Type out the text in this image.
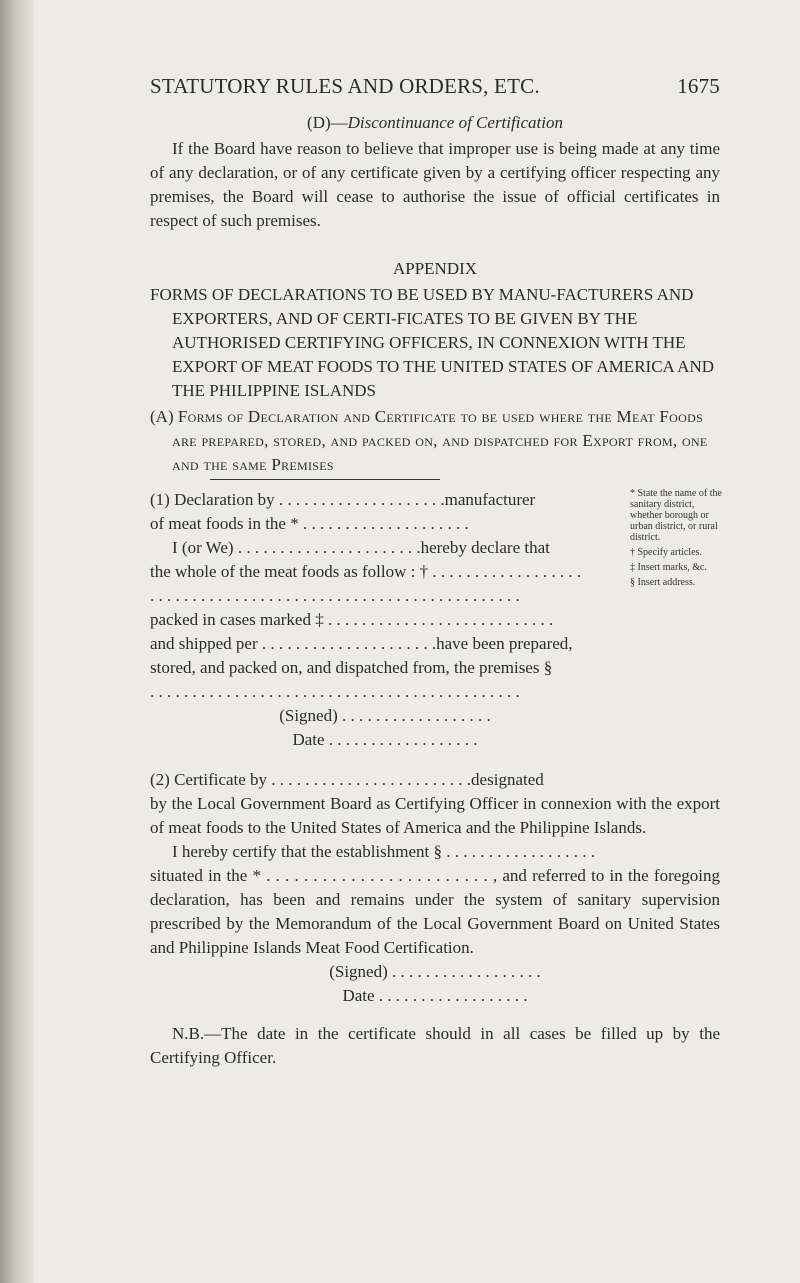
STATUTORY RULES AND ORDERS, ETC.	1675
(D)—Discontinuance of Certification

If the Board have reason to believe that improper use is being made at any time of any declaration, or of any certificate given by a certifying officer respecting any premises, the Board will cease to authorise the issue of official certificates in respect of such premises.

APPENDIX
FORMS OF DECLARATIONS TO BE USED BY MANU-FACTURERS AND EXPORTERS, AND OF CERTI-FICATES TO BE GIVEN BY THE AUTHORISED CERTIFYING OFFICERS, IN CONNEXION WITH THE EXPORT OF MEAT FOODS TO THE UNITED STATES OF AMERICA AND THE PHILIPPINE ISLANDS
(A) Forms of Declaration and Certificate to be used where the Meat Foods are prepared, stored, and packed on, and dispatched for Export from, one and the same Premises

(1) Declaration by . . . . . . . . . . . . . . . . . . . .manufacturer

of meat foods in the * . . . . . . . . . . . . . . . . . . . .

I (or We) . . . . . . . . . . . . . . . . . . . . . .hereby declare that

the whole of the meat foods as follow : † . . . . . . . . . . . . . . . . . .

. . . . . . . . . . . . . . . . . . . . . . . . . . . . . . . . . . . . . . . . . . . .

packed in cases marked ‡ . . . . . . . . . . . . . . . . . . . . . . . . . . .

and shipped per . . . . . . . . . . . . . . . . . . . . .have been prepared,

stored, and packed on, and dispatched from, the premises §

. . . . . . . . . . . . . . . . . . . . . . . . . . . . . . . . . . . . . . . . . . . .

(Signed) . . . . . . . . . . . . . . . . . .

Date . . . . . . . . . . . . . . . . . .

* State the name of the sanitary district, whether borough or urban district, or rural district.
† Specify articles.
‡ Insert marks, &c.
§ Insert address.

(2) Certificate by . . . . . . . . . . . . . . . . . . . . . . . .designated

by the Local Government Board as Certifying Officer in connexion with the export of meat foods to the United States of America and the Philippine Islands.

I hereby certify that the establishment § . . . . . . . . . . . . . . . . . .

situated in the * . . . . . . . . . . . . . . . . . . . . . . . . , and referred to in the foregoing declaration, has been and remains under the system of sanitary supervision prescribed by the Memorandum of the Local Government Board on United States and Philippine Islands Meat Food Certification.

(Signed) . . . . . . . . . . . . . . . . . .

Date . . . . . . . . . . . . . . . . . .

N.B.—The date in the certificate should in all cases be filled up by the Certifying Officer.
